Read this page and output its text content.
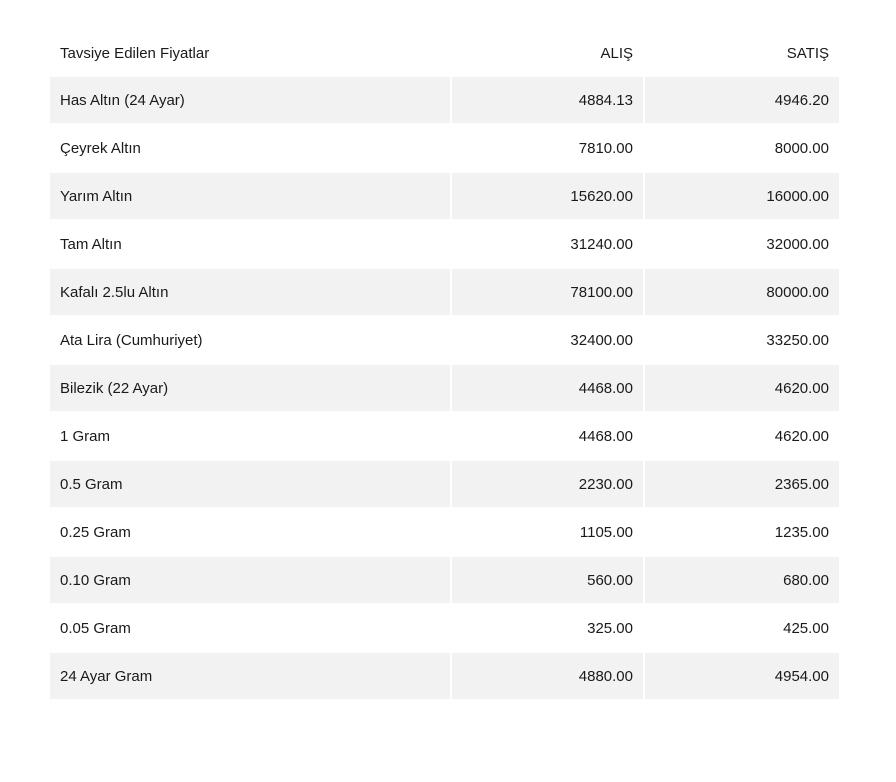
Tavsiye Edilen Fiyatlar	ALIŞ	SATIŞ
Has Altın (24 Ayar)	4884.13	4946.20
Çeyrek Altın	7810.00	8000.00
Yarım Altın	15620.00	16000.00
Tam Altın	31240.00	32000.00
Kafalı 2.5lu Altın	78100.00	80000.00
Ata Lira (Cumhuriyet)	32400.00	33250.00
Bilezik (22 Ayar)	4468.00	4620.00
1 Gram	4468.00	4620.00
0.5 Gram	2230.00	2365.00
0.25 Gram	1105.00	1235.00
0.10 Gram	560.00	680.00
0.05 Gram	325.00	425.00
24 Ayar Gram	4880.00	4954.00
